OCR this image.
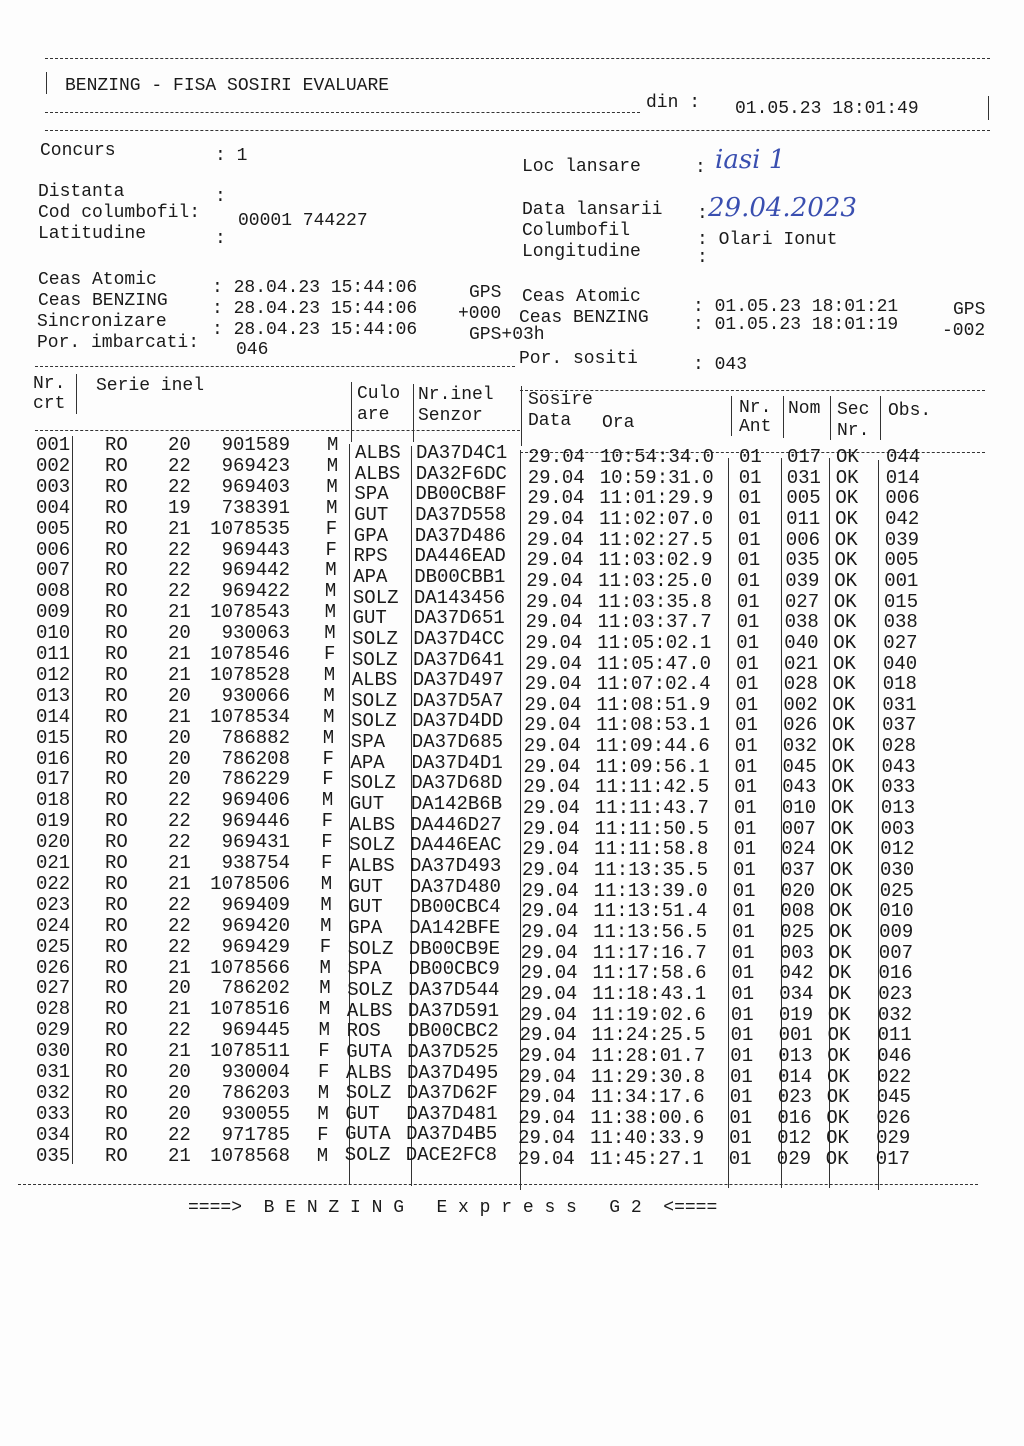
BENZING - FISA SOSIRI EVALUARE
din : 01.05.23 18:01:49
Concurs	: 1
Loc lansare	: iasi 1
Distanta	:
Cod columbofil: 00001 744227
Latitudine	:
Data lansarii : 29.04.2023
Columbofil	: Olari Ionut
Longitudine	:
Ceas Atomic	: 28.04.23 15:44:06	GPS
Ceas BENZING : 28.04.23 15:44:06 +000
Sincronizare	: 28.04.23 15:44:06	GPS+03h
Por. imbarcati: 046
Ceas Atomic	: 01.05.23 18:01:21	GPS
Ceas BENZING : 01.05.23 18:01:19 -002
Por. sositi	: 043
Nr.
crt
Serie inel	Culo
are
Nr.inel
Senzor
Sosire
Data Ora
Nr.
Ant
Nom Sec
Nr.
Obs.
001 RO 20 901589 M ALBS DA37D4C1 29.04 10:54:34.0 01 017 OK 044
002 RO 22 969423 M ALBS DA32F6DC 29.04 10:59:31.0 01 031 OK 014
003 RO 22 969403 M SPA DB00CB8F 29.04 11:01:29.9 01 005 OK 006
004 RO 19 738391 M GUT DA37D558 29.04 11:02:07.0 01 011 OK 042
005 RO 21 1078535 F GPA DA37D486 29.04 11:02:27.5 01 006 OK 039
006 RO 22 969443 F RPS DA446EAD 29.04 11:03:02.9 01 035 OK 005
007 RO 22 969442 M APA DB00CBB1 29.04 11:03:25.0 01 039 OK 001
008 RO 22 969422 M SOLZ DA143456 29.04 11:03:35.8 01 027 OK 015
009 RO 21 1078543 M GUT DA37D651 29.04 11:03:37.7 01 038 OK 038
010 RO 20 930063 M SOLZ DA37D4CC 29.04 11:05:02.1 01 040 OK 027
011 RO 21 1078546 F SOLZ DA37D641 29.04 11:05:47.0 01 021 OK 040
012 RO 21 1078528 M ALBS DA37D497 29.04 11:07:02.4 01 028 OK 018
013 RO 20 930066 M SOLZ DA37D5A7 29.04 11:08:51.9 01 002 OK 031
014 RO 21 1078534 M SOLZ DA37D4DD 29.04 11:08:53.1 01 026 OK 037
015 RO 20 786882 M SPA DA37D685 29.04 11:09:44.6 01 032 OK 028
016 RO 20 786208 F APA DA37D4D1 29.04 11:09:56.1 01 045 OK 043
017 RO 20 786229 F SOLZ DA37D68D 29.04 11:11:42.5 01 043 OK 033
018 RO 22 969406 M GUT DA142B6B 29.04 11:11:43.7 01 010 OK 013
019 RO 22 969446 F ALBS DA446D27 29.04 11:11:50.5 01 007 OK 003
020 RO 22 969431 F SOLZ DA446EAC 29.04 11:11:58.8 01 024 OK 012
021 RO 21 938754 F ALBS DA37D493 29.04 11:13:35.5 01 037 OK 030
022 RO 21 1078506 M GUT DA37D480 29.04 11:13:39.0 01 020 OK 025
023 RO 22 969409 M GUT DB00CBC4 29.04 11:13:51.4 01 008 OK 010
024 RO 22 969420 M GPA DA142BFE 29.04 11:13:56.5 01 025 OK 009
025 RO 22 969429 F SOLZ DB00CB9E 29.04 11:17:16.7 01 003 OK 007
026 RO 21 1078566 M SPA DB00CBC9 29.04 11:17:58.6 01 042 OK 016
027 RO 20 786202 M SOLZ DA37D544 29.04 11:18:43.1 01 034 OK 023
028 RO 21 1078516 M ALBS DA37D591 29.04 11:19:02.6 01 019 OK 032
029 RO 22 969445 M ROS DB00CBC2 29.04 11:24:25.5 01 001 OK 011
030 RO 21 1078511 F GUTA DA37D525 29.04 11:28:01.7 01 013 OK 046
031 RO 20 930004 F ALBS DA37D495 29.04 11:29:30.8 01 014 OK 022
032 RO 20 786203 M SOLZ DA37D62F 29.04 11:34:17.6 01 023 OK 045
033 RO 20 930055 M GUT DA37D481 29.04 11:38:00.6 01 016 OK 026
034 RO 22 971785 F GUTA DA37D4B5 29.04 11:40:33.9 01 012 OK 029
035 RO 21 1078568 M SOLZ DACE2FC8 29.04 11:45:27.1 01 029 OK 017
====>  B E N Z I N G   E x p r e s s   G 2  <====
